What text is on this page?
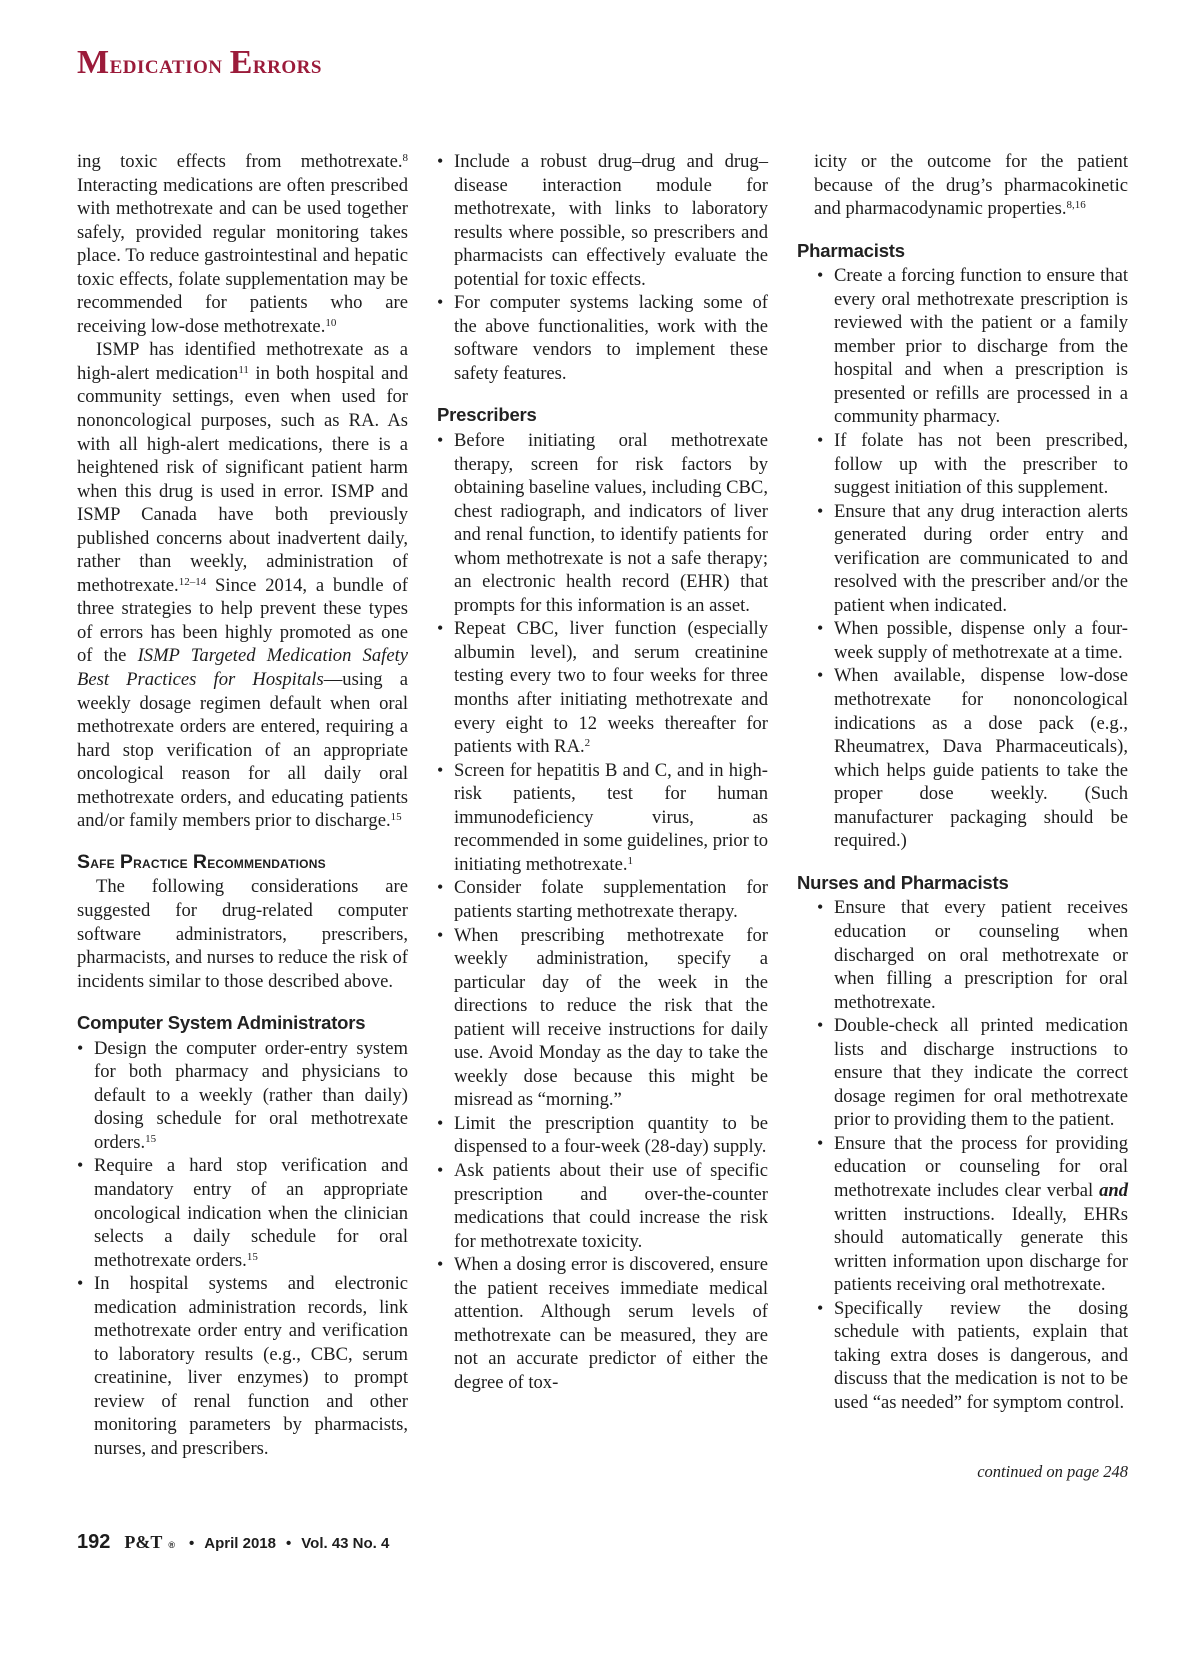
Medication Errors

ing toxic effects from methotrexate.$^8$ Interacting medications are often prescribed with methotrexate and can be used together safely, provided regular monitoring takes place. To reduce gastrointestinal and hepatic toxic effects, folate supplementation may be recommended for patients who are receiving low-dose methotrexate.$^{10}$

ISMP has identified methotrexate as a high-alert medication$^{11}$ in both hospital and community settings, even when used for nononcological purposes, such as RA. As with all high-alert medications, there is a heightened risk of significant patient harm when this drug is used in error. ISMP and ISMP Canada have both previously published concerns about inadvertent daily, rather than weekly, administration of methotrexate.$^{12-14}$ Since 2014, a bundle of three strategies to help prevent these types of errors has been highly promoted as one of the ISMP Targeted Medication Safety Best Practices for Hospitals—using a weekly dosage regimen default when oral methotrexate orders are entered, requiring a hard stop verification of an appropriate oncological reason for all daily oral methotrexate orders, and educating patients and/or family members prior to discharge.$^{15}$

Safe Practice Recommendations

The following considerations are suggested for drug-related computer software administrators, prescribers, pharmacists, and nurses to reduce the risk of incidents similar to those described above.

Computer System Administrators
• Design the computer order-entry system for both pharmacy and physicians to default to a weekly (rather than daily) dosing schedule for oral methotrexate orders.$^{15}$
• Require a hard stop verification and mandatory entry of an appropriate oncological indication when the clinician selects a daily schedule for oral methotrexate orders.$^{15}$
• In hospital systems and electronic medication administration records, link methotrexate order entry and verification to laboratory results (e.g., CBC, serum creatinine, liver enzymes) to prompt review of renal function and other monitoring parameters by pharmacists, nurses, and prescribers.
• Include a robust drug–drug and drug–disease interaction module for methotrexate, with links to laboratory results where possible, so prescribers and pharmacists can effectively evaluate the potential for toxic effects.
• For computer systems lacking some of the above functionalities, work with the software vendors to implement these safety features.
Prescribers
• Before initiating oral methotrexate therapy, screen for risk factors by obtaining baseline values, including CBC, chest radiograph, and indicators of liver and renal function, to identify patients for whom methotrexate is not a safe therapy; an electronic health record (EHR) that prompts for this information is an asset.
• Repeat CBC, liver function (especially albumin level), and serum creatinine testing every two to four weeks for three months after initiating methotrexate and every eight to 12 weeks thereafter for patients with RA.$^2$
• Screen for hepatitis B and C, and in high-risk patients, test for human immunodeficiency virus, as recommended in some guidelines, prior to initiating methotrexate.$^1$
• Consider folate supplementation for patients starting methotrexate therapy.
• When prescribing methotrexate for weekly administration, specify a particular day of the week in the directions to reduce the risk that the patient will receive instructions for daily use. Avoid Monday as the day to take the weekly dose because this might be misread as “morning.”
• Limit the prescription quantity to be dispensed to a four-week (28-day) supply.
• Ask patients about their use of specific prescription and over-the-counter medications that could increase the risk for methotrexate toxicity.
• When a dosing error is discovered, ensure the patient receives immediate medical attention. Although serum levels of methotrexate can be measured, they are not an accurate predictor of either the degree of tox-

icity or the outcome for the patient because of the drug’s pharmacokinetic and pharmacodynamic properties.$^{8,16}$

Pharmacists
• Create a forcing function to ensure that every oral methotrexate prescription is reviewed with the patient or a family member prior to discharge from the hospital and when a prescription is presented or refills are processed in a community pharmacy.
• If folate has not been prescribed, follow up with the prescriber to suggest initiation of this supplement.
• Ensure that any drug interaction alerts generated during order entry and verification are communicated to and resolved with the prescriber and/or the patient when indicated.
• When possible, dispense only a four-week supply of methotrexate at a time.
• When available, dispense low-dose methotrexate for nononcological indications as a dose pack (e.g., Rheumatrex, Dava Pharmaceuticals), which helps guide patients to take the proper dose weekly. (Such manufacturer packaging should be required.)
Nurses and Pharmacists
• Ensure that every patient receives education or counseling when discharged on oral methotrexate or when filling a prescription for oral methotrexate.
• Double-check all printed medication lists and discharge instructions to ensure that they indicate the correct dosage regimen for oral methotrexate prior to providing them to the patient.
• Ensure that the process for providing education or counseling for oral methotrexate includes clear verbal and written instructions. Ideally, EHRs should automatically generate this written information upon discharge for patients receiving oral methotrexate.
• Specifically review the dosing schedule with patients, explain that taking extra doses is dangerous, and discuss that the medication is not to be used “as needed” for symptom control.
continued on page 248
192 P&T ® • April 2018 • Vol. 43 No. 4
